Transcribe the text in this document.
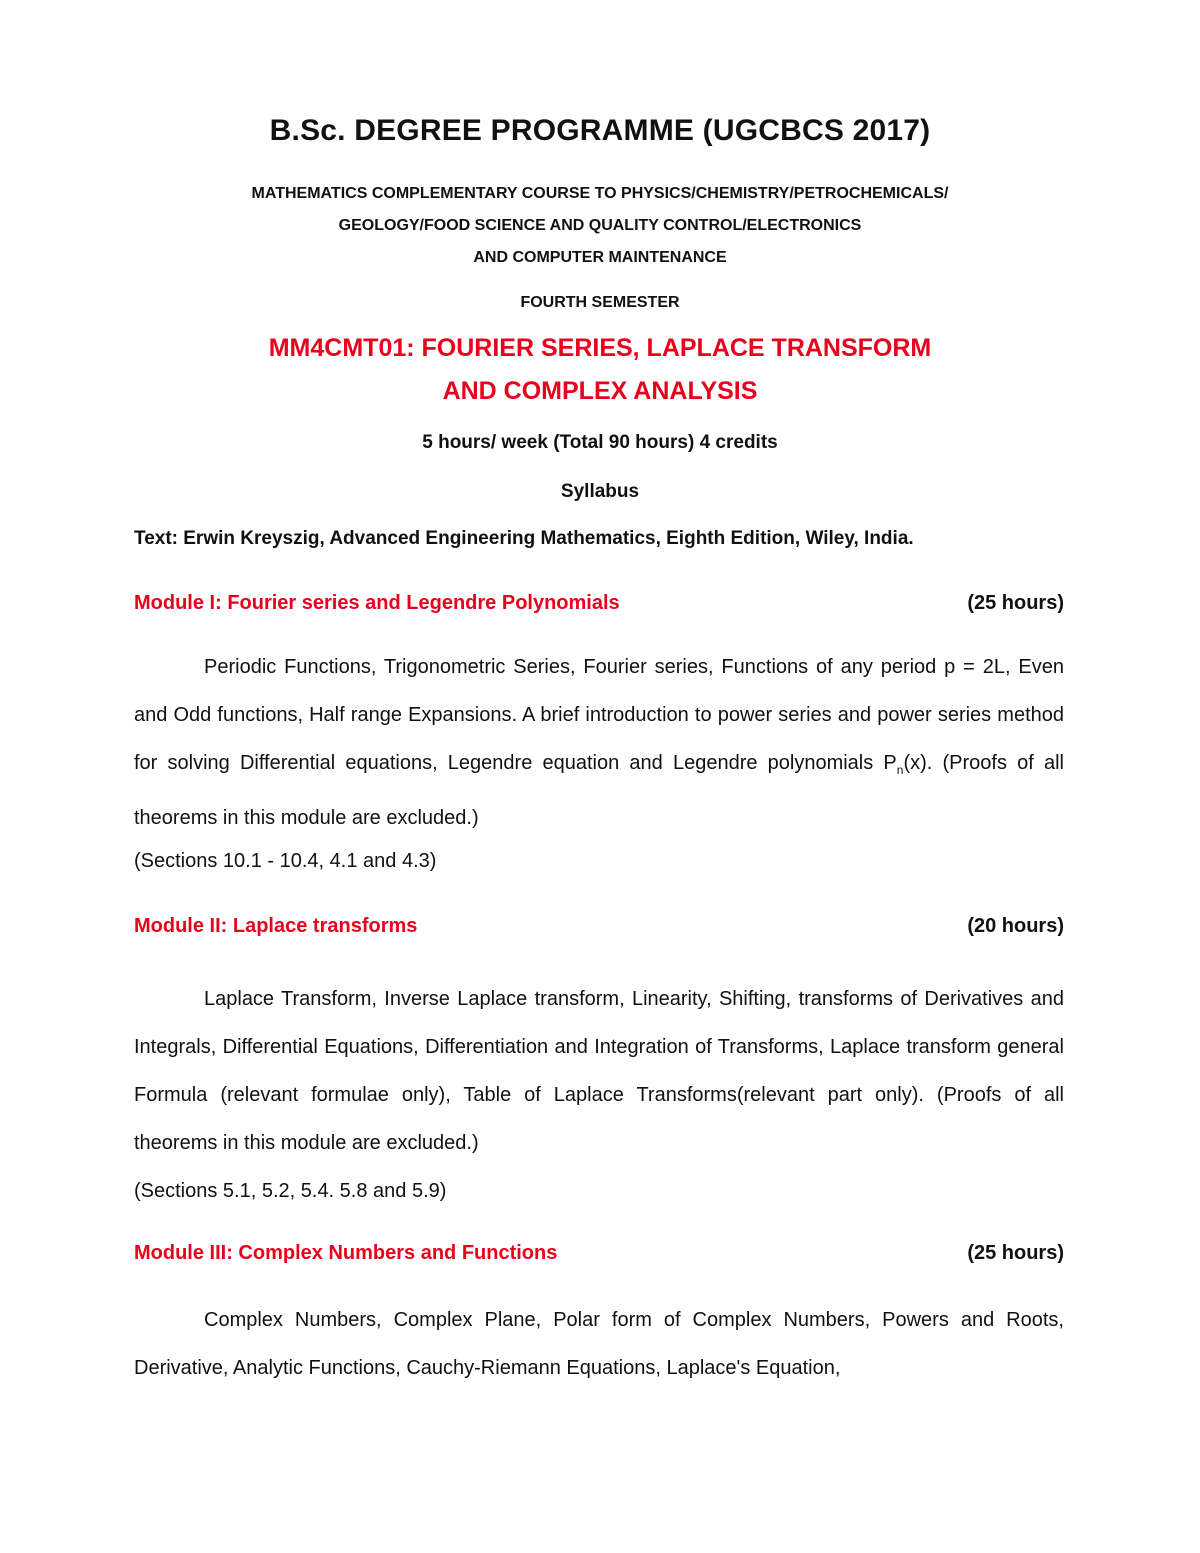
B.Sc. DEGREE PROGRAMME (UGCBCS 2017)
MATHEMATICS COMPLEMENTARY COURSE TO PHYSICS/CHEMISTRY/PETROCHEMICALS/
GEOLOGY/FOOD SCIENCE AND QUALITY CONTROL/ELECTRONICS
AND COMPUTER MAINTENANCE
FOURTH SEMESTER
MM4CMT01: FOURIER SERIES, LAPLACE TRANSFORM
AND COMPLEX ANALYSIS
5 hours/ week (Total 90 hours) 4 credits
Syllabus
Text: Erwin Kreyszig, Advanced Engineering Mathematics, Eighth Edition, Wiley, India.
Module I: Fourier series and Legendre Polynomials	(25 hours)
Periodic Functions, Trigonometric Series, Fourier series, Functions of any period p = 2L, Even and Odd functions, Half range Expansions. A brief introduction to power series and power series method for solving Differential equations, Legendre equation and Legendre polynomials $P_n(x)$. (Proofs of all theorems in this module are excluded.)
(Sections 10.1 - 10.4, 4.1 and 4.3)
Module II: Laplace transforms	(20 hours)
Laplace Transform, Inverse Laplace transform, Linearity, Shifting, transforms of Derivatives and Integrals, Differential Equations, Differentiation and Integration of Transforms, Laplace transform general Formula (relevant formulae only), Table of Laplace Transforms(relevant part only). (Proofs of all theorems in this module are excluded.)
(Sections 5.1, 5.2, 5.4. 5.8 and 5.9)
Module III: Complex Numbers and Functions	(25 hours)
Complex Numbers, Complex Plane, Polar form of Complex Numbers, Powers and Roots, Derivative, Analytic Functions, Cauchy-Riemann Equations, Laplace's Equation,
